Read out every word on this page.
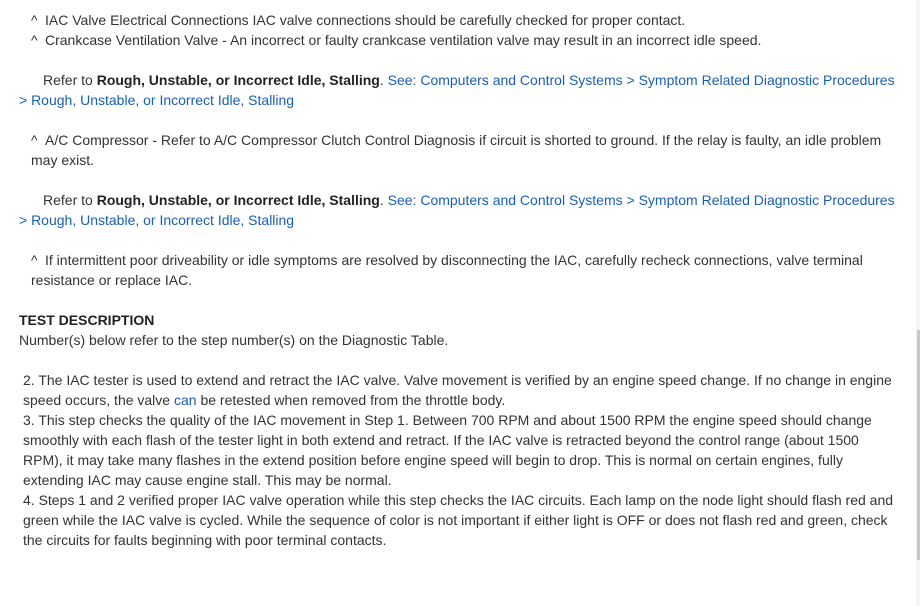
^ IAC Valve Electrical Connections IAC valve connections should be carefully checked for proper contact.

^ Crankcase Ventilation Valve - An incorrect or faulty crankcase ventilation valve may result in an incorrect idle speed.

Refer to Rough, Unstable, or Incorrect Idle, Stalling. See: Computers and Control Systems > Symptom Related Diagnostic Procedures > Rough, Unstable, or Incorrect Idle, Stalling

^ A/C Compressor - Refer to A/C Compressor Clutch Control Diagnosis if circuit is shorted to ground. If the relay is faulty, an idle problem may exist.

Refer to Rough, Unstable, or Incorrect Idle, Stalling. See: Computers and Control Systems > Symptom Related Diagnostic Procedures > Rough, Unstable, or Incorrect Idle, Stalling

^ If intermittent poor driveability or idle symptoms are resolved by disconnecting the IAC, carefully recheck connections, valve terminal resistance or replace IAC.

TEST DESCRIPTION

Number(s) below refer to the step number(s) on the Diagnostic Table.

2. The IAC tester is used to extend and retract the IAC valve. Valve movement is verified by an engine speed change. If no change in engine speed occurs, the valve can be retested when removed from the throttle body.

3. This step checks the quality of the IAC movement in Step 1. Between 700 RPM and about 1500 RPM the engine speed should change smoothly with each flash of the tester light in both extend and retract. If the IAC valve is retracted beyond the control range (about 1500 RPM), it may take many flashes in the extend position before engine speed will begin to drop. This is normal on certain engines, fully extending IAC may cause engine stall. This may be normal.

4. Steps 1 and 2 verified proper IAC valve operation while this step checks the IAC circuits. Each lamp on the node light should flash red and green while the IAC valve is cycled. While the sequence of color is not important if either light is OFF or does not flash red and green, check the circuits for faults beginning with poor terminal contacts.
